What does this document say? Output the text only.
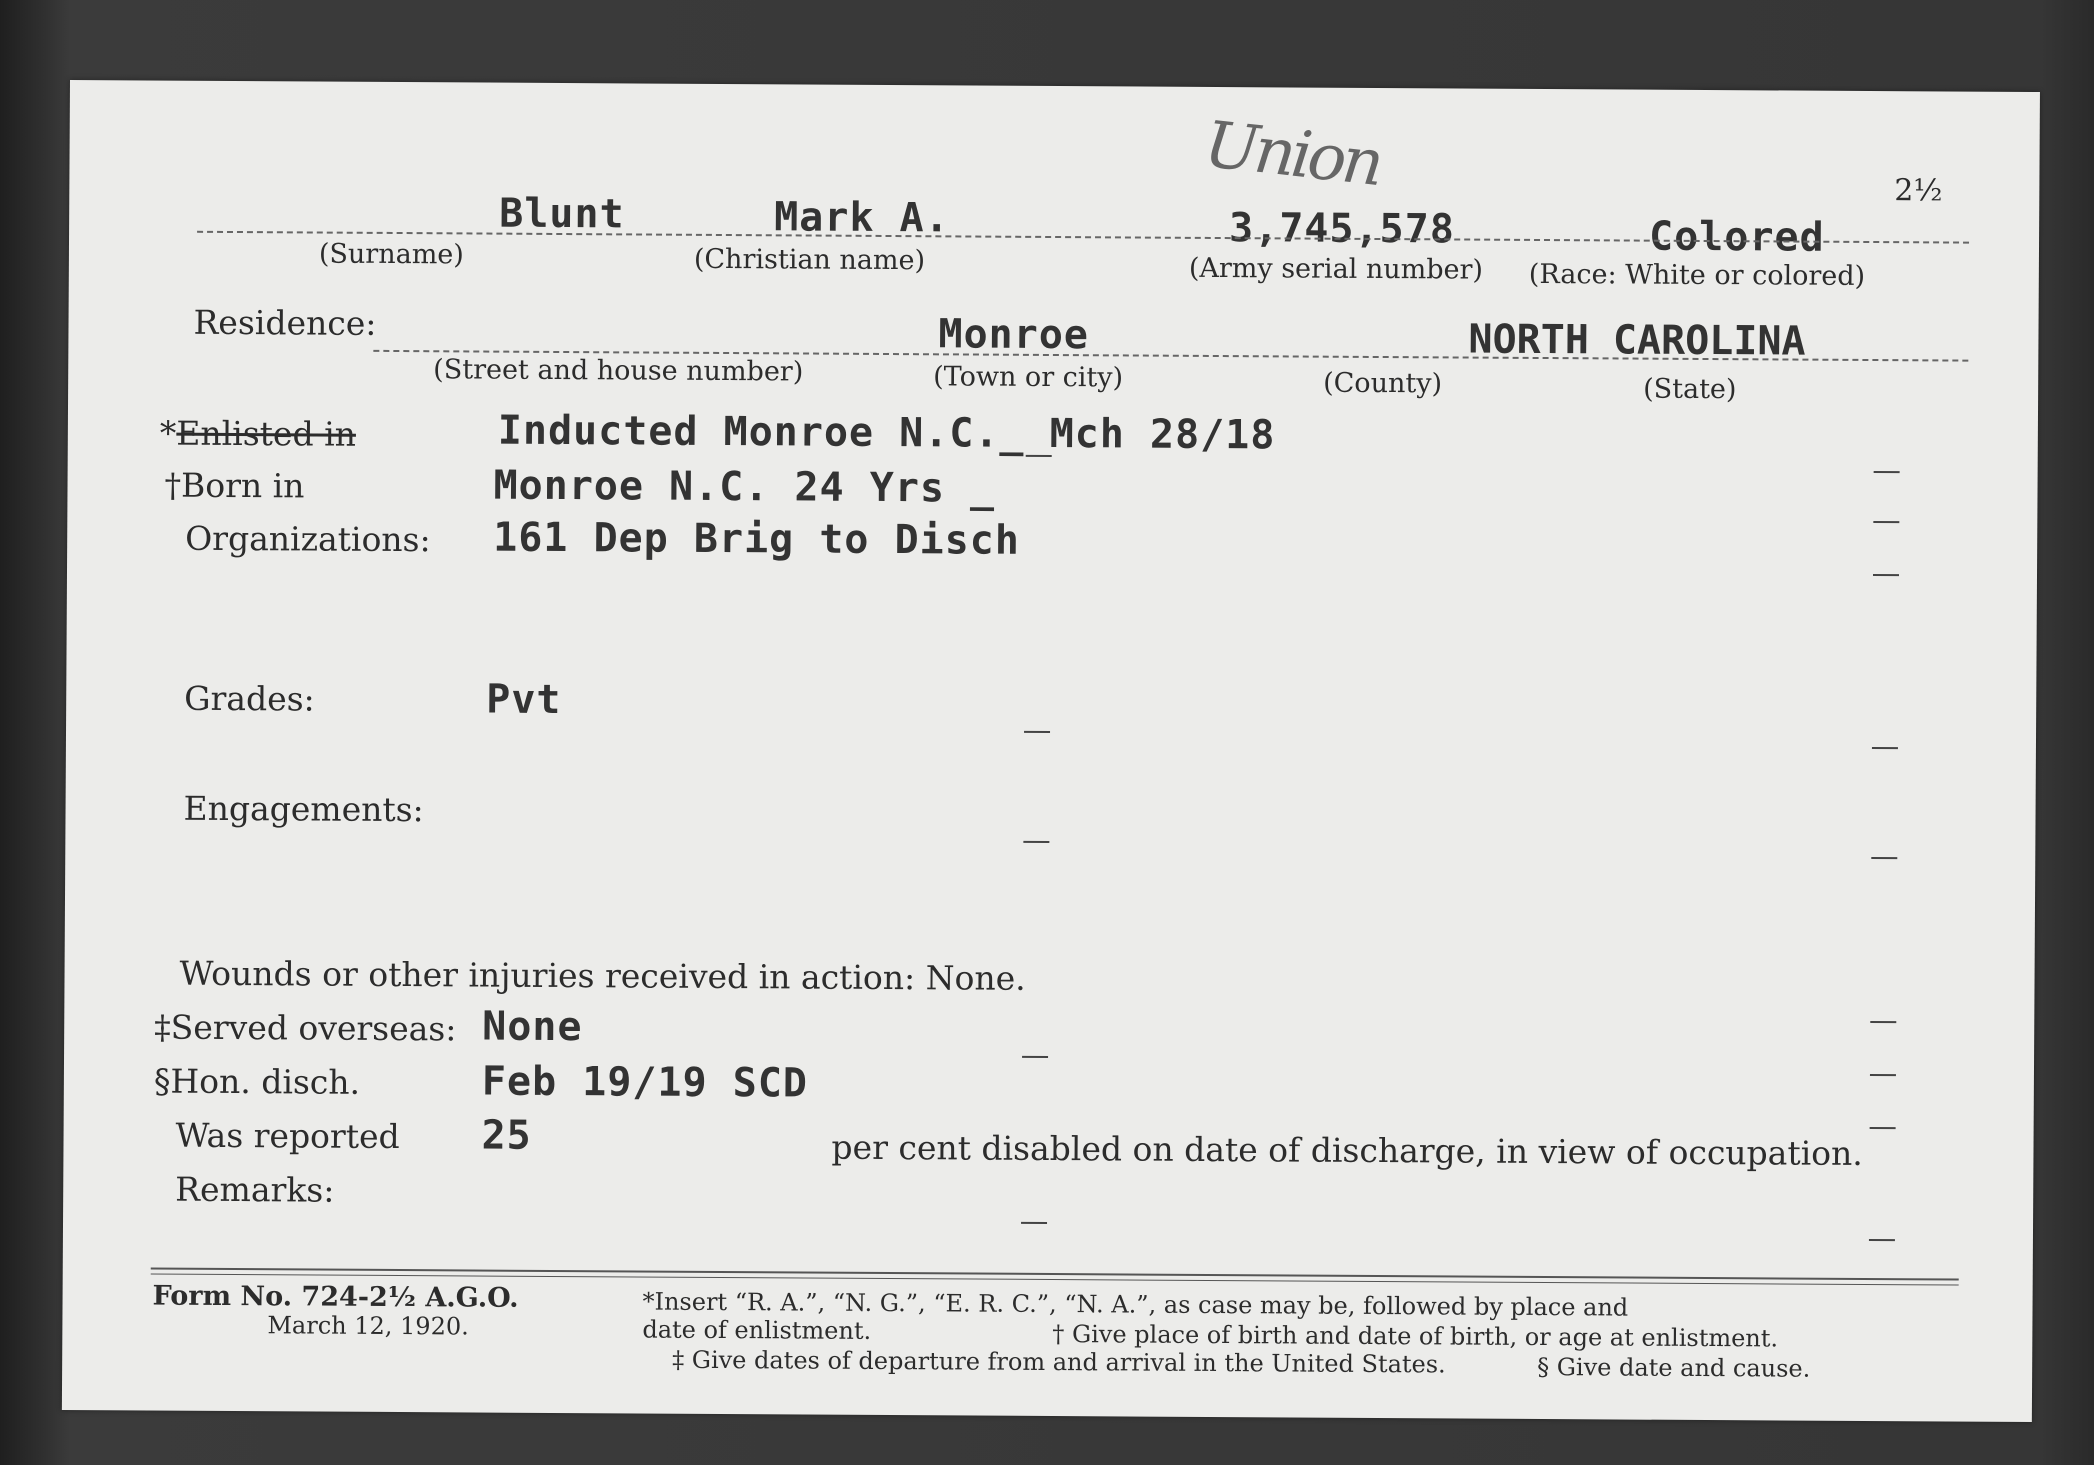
Union	2½
Blunt	Mark A.	3,745,578	Colored
(Surname)	(Christian name)	(Army serial number) (Race: White or colored)
Residence:	Monroe	NORTH CAROLINA
(Street and house number)	(Town or city)	(County)	(State)
*Enlisted in	Inducted Monroe N.C._ Mch 28/18
†Born in	Monroe N.C. 24 Yrs _
Organizations: 161 Dep Brig to Disch
Grades:	Pvt
Engagements:
Wounds or other injuries received in action: None.
‡Served overseas: None
§Hon. disch.	Feb 19/19 SCD
Was reported 25	per cent disabled on date of discharge, in view of occupation.
Remarks:
Form No. 724-2½ A.G.O.
March 12, 1920.
*Insert “R. A.”, “N. G.”, “E. R. C.”, “N. A.”, as case may be, followed by place and
date of enlistment.	† Give place of birth and date of birth, or age at enlistment.
‡ Give dates of departure from and arrival in the United States.	§ Give date and cause.
